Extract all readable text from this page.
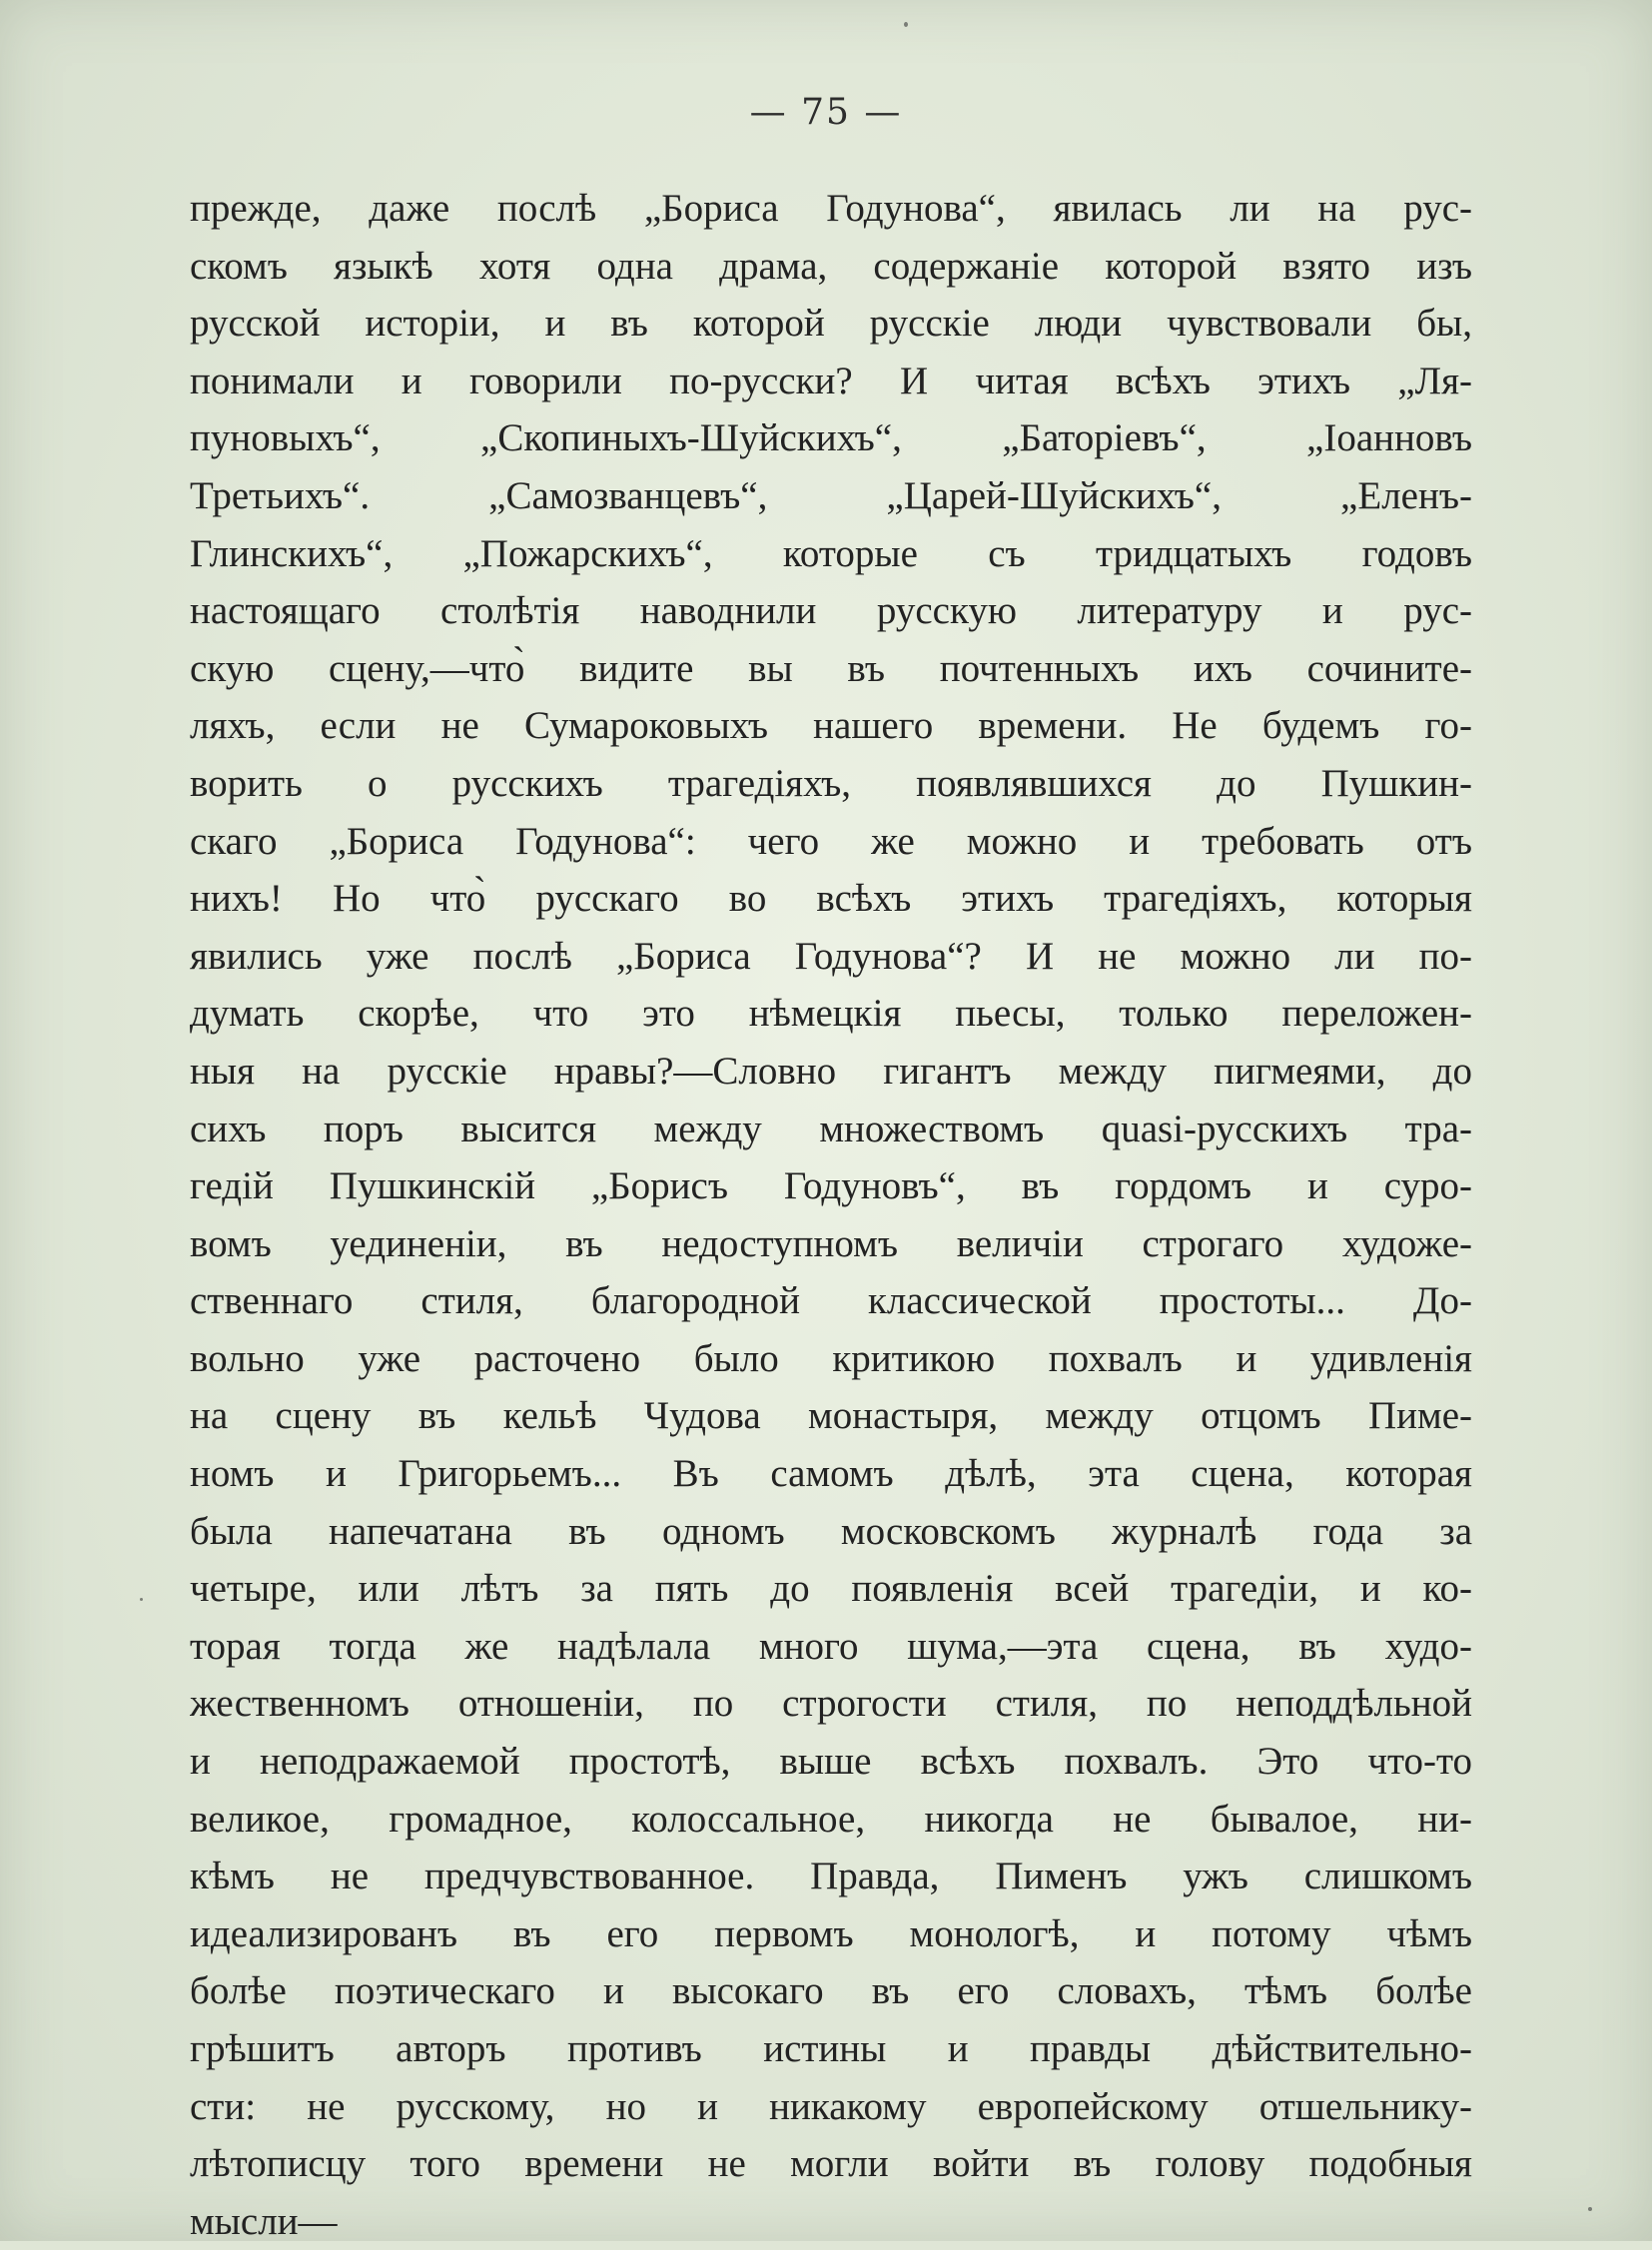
— 75 —
прежде, даже послѣ „Бориса Годунова“, явилась ли на рус-
скомъ языкѣ хотя одна драма, содержаніе которой взято изъ
русской исторіи, и въ которой русскіе люди чувствовали бы,
понимали и говорили по-русски? И читая всѣхъ этихъ „Ля-
пуновыхъ“, „Скопиныхъ-Шуйскихъ“, „Баторіевъ“, „Іоанновъ
Третьихъ“. „Самозванцевъ“, „Царей-Шуйскихъ“, „Еленъ-
Глинскихъ“, „Пожарскихъ“, которые съ тридцатыхъ годовъ
настоящаго столѣтія наводнили русскую литературу и рус-
скую сцену,—что̀ видите вы въ почтенныхъ ихъ сочините-
ляхъ, если не Сумароковыхъ нашего времени. Не будемъ го-
ворить о русскихъ трагедіяхъ, появлявшихся до Пушкин-
скаго „Бориса Годунова“: чего же можно и требовать отъ
нихъ! Но что̀ русскаго во всѣхъ этихъ трагедіяхъ, которыя
явились уже послѣ „Бориса Годунова“? И не можно ли по-
думать скорѣе, что это нѣмецкія пьесы, только переложен-
ныя на русскіе нравы?—Словно гигантъ между пигмеями, до
сихъ поръ высится между множествомъ quasi-русскихъ тра-
гедій Пушкинскій „Борисъ Годуновъ“, въ гордомъ и суро-
вомъ уединеніи, въ недоступномъ величіи строгаго художе-
ственнаго стиля, благородной классической простоты... До-
вольно уже расточено было критикою похвалъ и удивленія
на сцену въ кельѣ Чудова монастыря, между отцомъ Пиме-
номъ и Григорьемъ... Въ самомъ дѣлѣ, эта сцена, которая
была напечатана въ одномъ московскомъ журналѣ года за
четыре, или лѣтъ за пять до появленія всей трагедіи, и ко-
торая тогда же надѣлала много шума,—эта сцена, въ худо-
жественномъ отношеніи, по строгости стиля, по неподдѣльной
и неподражаемой простотѣ, выше всѣхъ похвалъ. Это что-то
великое, громадное, колоссальное, никогда не бывалое, ни-
кѣмъ не предчувствованное. Правда, Пименъ ужъ слишкомъ
идеализированъ въ его первомъ монологѣ, и потому чѣмъ
болѣе поэтическаго и высокаго въ его словахъ, тѣмъ болѣе
грѣшитъ авторъ противъ истины и правды дѣйствительно-
сти: не русскому, но и никакому европейскому отшельнику-
лѣтописцу того времени не могли войти въ голову подобныя
мысли—
